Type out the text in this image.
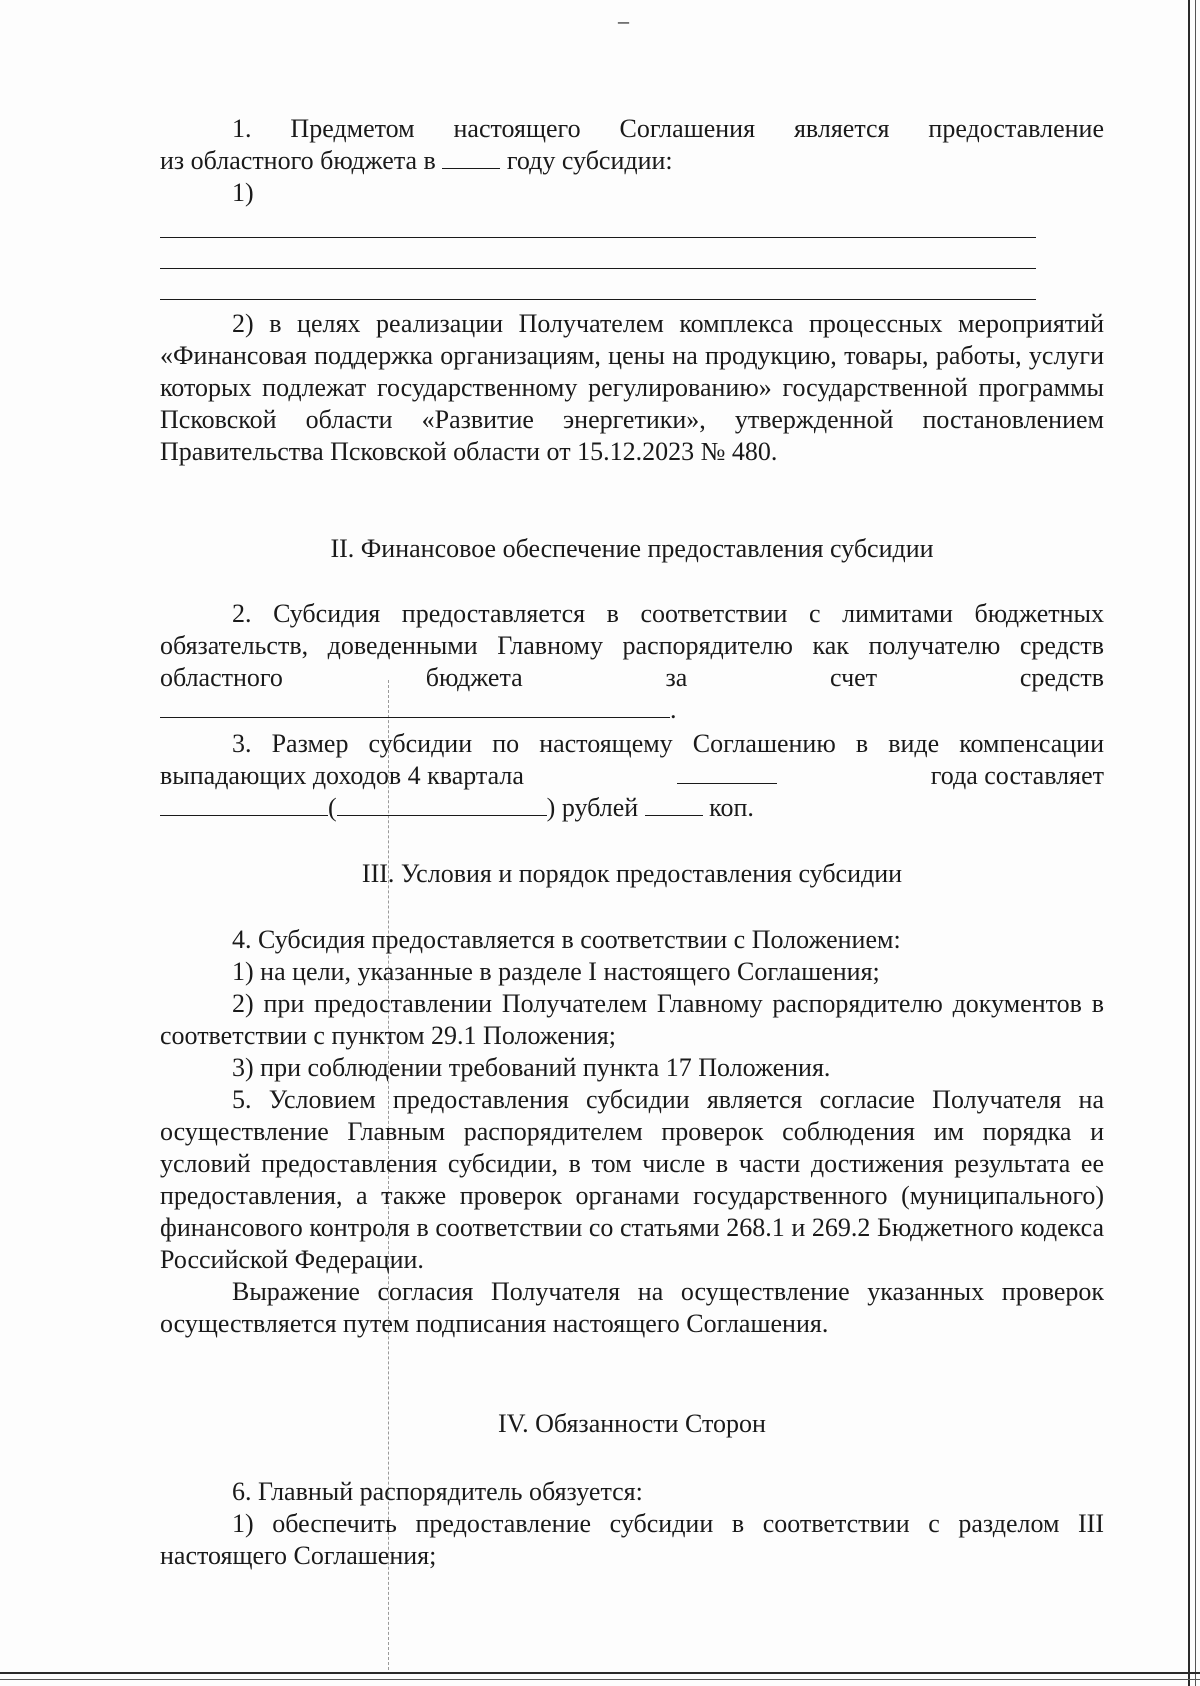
–

1. Предметом настоящего Соглашения является предоставление

из областного бюджета в	году субсидии:

1)

2) в целях реализации Получателем комплекса процессных мероприятий «Финансовая поддержка организациям, цены на продукцию, товары, работы, услуги которых подлежат государственному регулированию» государственной программы Псковской области «Развитие энергетики», утвержденной постановлением Правительства Псковской области от 15.12.2023 № 480.

II. Финансовое обеспечение предоставления субсидии

2. Субсидия предоставляется в соответствии с лимитами бюджетных обязательств, доведенными Главному распорядителю как получателю средств областного бюджета за счет средств

.

3. Размер субсидии по настоящему Соглашению в виде компенсации

выпадающих доходов 4 квартала	года составляет

(	) рублей	коп.

III. Условия и порядок предоставления субсидии

4. Субсидия предоставляется в соответствии с Положением:

1) на цели, указанные в разделе I настоящего Соглашения;

2) при предоставлении Получателем Главному распорядителю документов в соответствии с пунктом 29.1 Положения;

3) при соблюдении требований пункта 17 Положения.

5. Условием предоставления субсидии является согласие Получателя на осуществление Главным распорядителем проверок соблюдения им порядка и условий предоставления субсидии, в том числе в части достижения результата ее предоставления, а также проверок органами государственного (муниципального) финансового контроля в соответствии со статьями 268.1 и 269.2 Бюджетного кодекса Российской Федерации.

Выражение согласия Получателя на осуществление указанных проверок осуществляется путем подписания настоящего Соглашения.

IV. Обязанности Сторон

6. Главный распорядитель обязуется:

1) обеспечить предоставление субсидии в соответствии с разделом III настоящего Соглашения;
